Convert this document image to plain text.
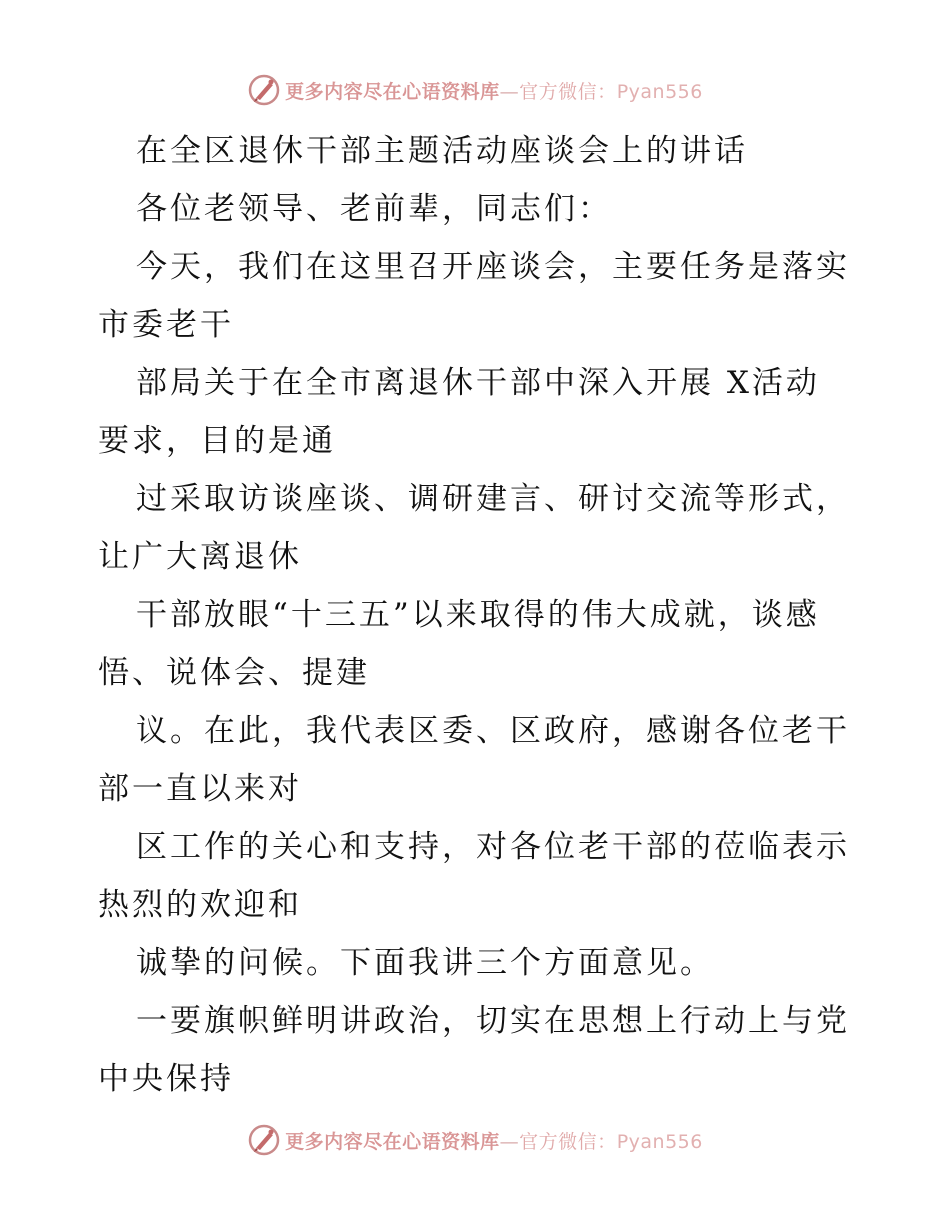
更多内容尽在心语资料库—官方微信：Pyan556
在全区退休干部主题活动座谈会上的讲话
各位老领导、老前辈，同志们：
今天，我们在这里召开座谈会，主要任务是落实
市委老干
部局关于在全市离退休干部中深入开展 X活动
要求，目的是通
过采取访谈座谈、调研建言、研讨交流等形式，
让广大离退休
干部放眼“十三五”以来取得的伟大成就，谈感
悟、说体会、提建
议。在此，我代表区委、区政府，感谢各位老干
部一直以来对
区工作的关心和支持，对各位老干部的莅临表示
热烈的欢迎和
诚挚的问候。下面我讲三个方面意见。
一要旗帜鲜明讲政治，切实在思想上行动上与党
中央保持
更多内容尽在心语资料库—官方微信：Pyan556
